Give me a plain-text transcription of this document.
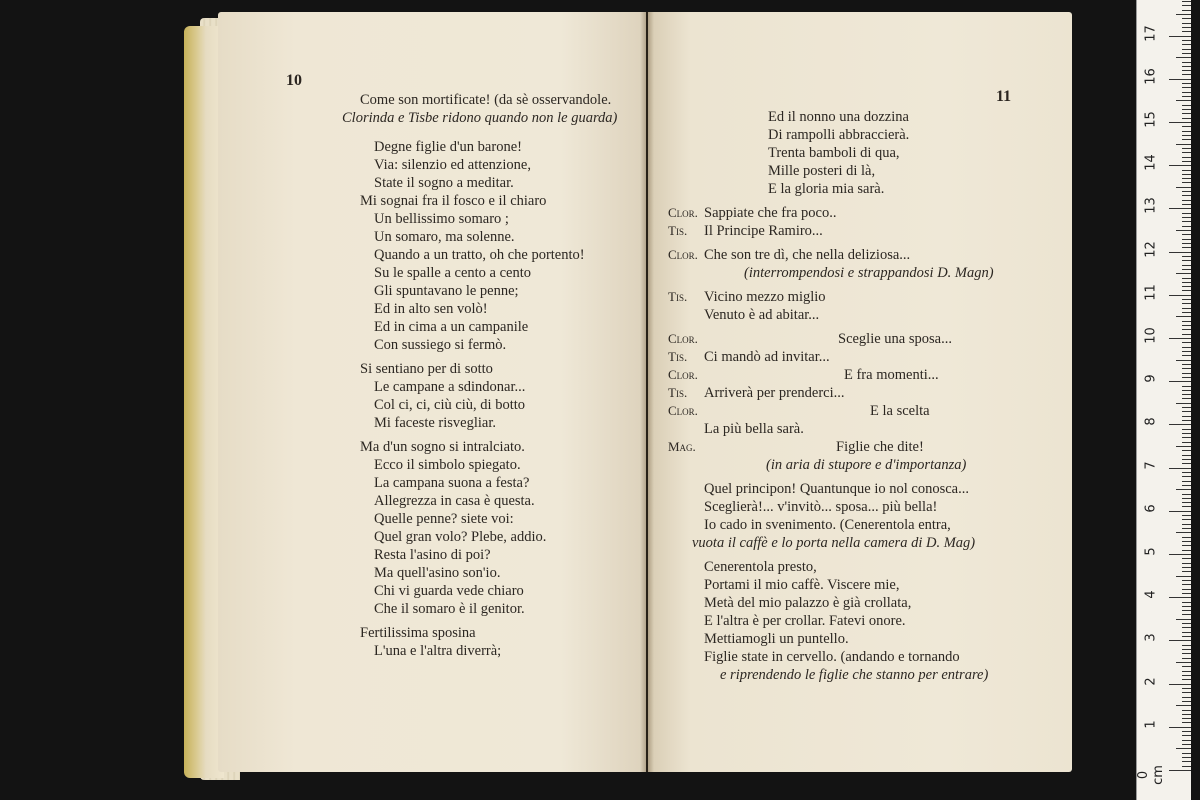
10
Come son mortificate! (da sè osservandole.
Clorinda e Tisbe ridono quando non le guarda)
Degne figlie d'un barone!
Via: silenzio ed attenzione,
State il sogno a meditar.
Mi sognai fra il fosco e il chiaro
Un bellissimo somaro ;
Un somaro, ma solenne.
Quando a un tratto, oh che portento!
Su le spalle a cento a cento
Gli spuntavano le penne;
Ed in alto sen volò!
Ed in cima a un campanile
Con sussiego si fermò.
Si sentiano per di sotto
Le campane a sdindonar...
Col ci, ci, ciù ciù, di botto
Mi faceste risvegliar.
Ma d'un sogno si intralciato.
Ecco il simbolo spiegato.
La campana suona a festa?
Allegrezza in casa è questa.
Quelle penne? siete voi:
Quel gran volo? Plebe, addio.
Resta l'asino di poi?
Ma quell'asino son'io.
Chi vi guarda vede chiaro
Che il somaro è il genitor.
Fertilissima sposina
L'una e l'altra diverrà;
11
Ed il nonno una dozzina
Di rampolli abbraccierà.
Trenta bamboli di qua,
Mille posteri di là,
E la gloria mia sarà.
Clor. Sappiate che fra poco..
Tis. Il Principe Ramiro...
Clor. Che son tre dì, che nella deliziosa...
(interrompendosi e strappandosi D. Magn)
Tis. Vicino mezzo miglio
Venuto è ad abitar...
Clor.	Sceglie una sposa...
Tis. Ci mandò ad invitar...
Clor.	E fra momenti...
Tis. Arriverà per prenderci...
Clor.	E la scelta
La più bella sarà.
Mag.	Figlie che dite!
(in aria di stupore e d'importanza)
Quel principon! Quantunque io nol conosca...
Sceglierà!... v'invitò... sposa... più bella!
Io cado in svenimento. (Cenerentola entra,
vuota il caffè e lo porta nella camera di D. Mag)
Cenerentola presto,
Portami il mio caffè. Viscere mie,
Metà del mio palazzo è già crollata,
E l'altra è per crollar. Fatevi onore.
Mettiamogli un puntello.
Figlie state in cervello. (andando e tornando
e riprendendo le figlie che stanno per entrare)
0 cm
1
2
3
4
5
6
7
8
9
10
11
12
13
14
15
16
17
